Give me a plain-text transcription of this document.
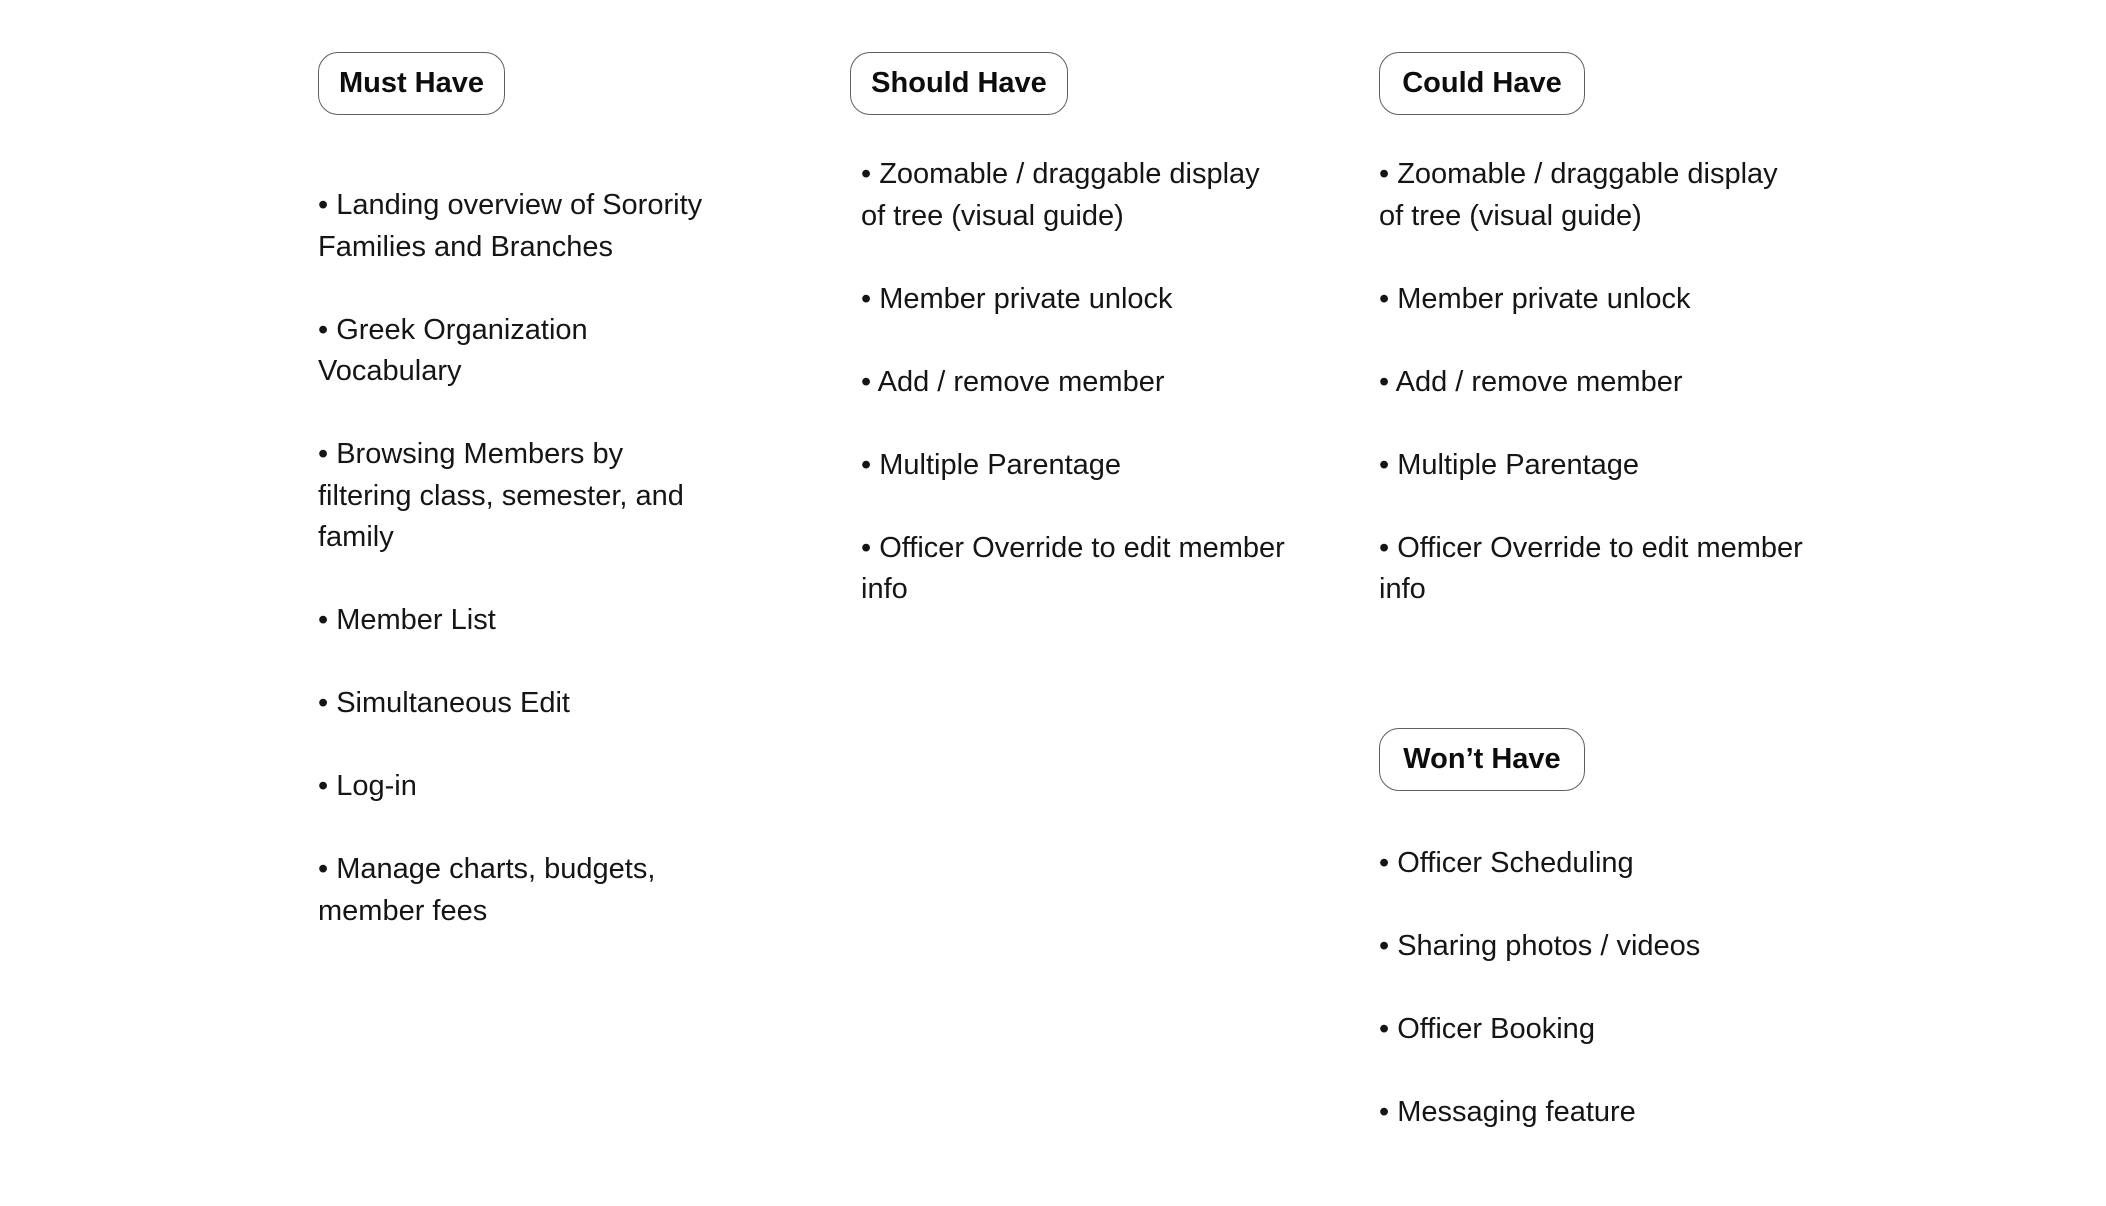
Must Have
• Landing overview of Sorority Families and Branches
• Greek Organization Vocabulary
• Browsing Members by filtering class, semester, and family
• Member List
• Simultaneous Edit
• Log-in
• Manage charts, budgets, member fees
Should Have
• Zoomable / draggable display of tree (visual guide)
• Member private unlock
• Add / remove member
• Multiple Parentage
• Officer Override to edit member info
Could Have
• Zoomable / draggable display of tree (visual guide)
• Member private unlock
• Add / remove member
• Multiple Parentage
• Officer Override to edit member info
Won’t Have
• Officer Scheduling
• Sharing photos / videos
• Officer Booking
• Messaging feature
